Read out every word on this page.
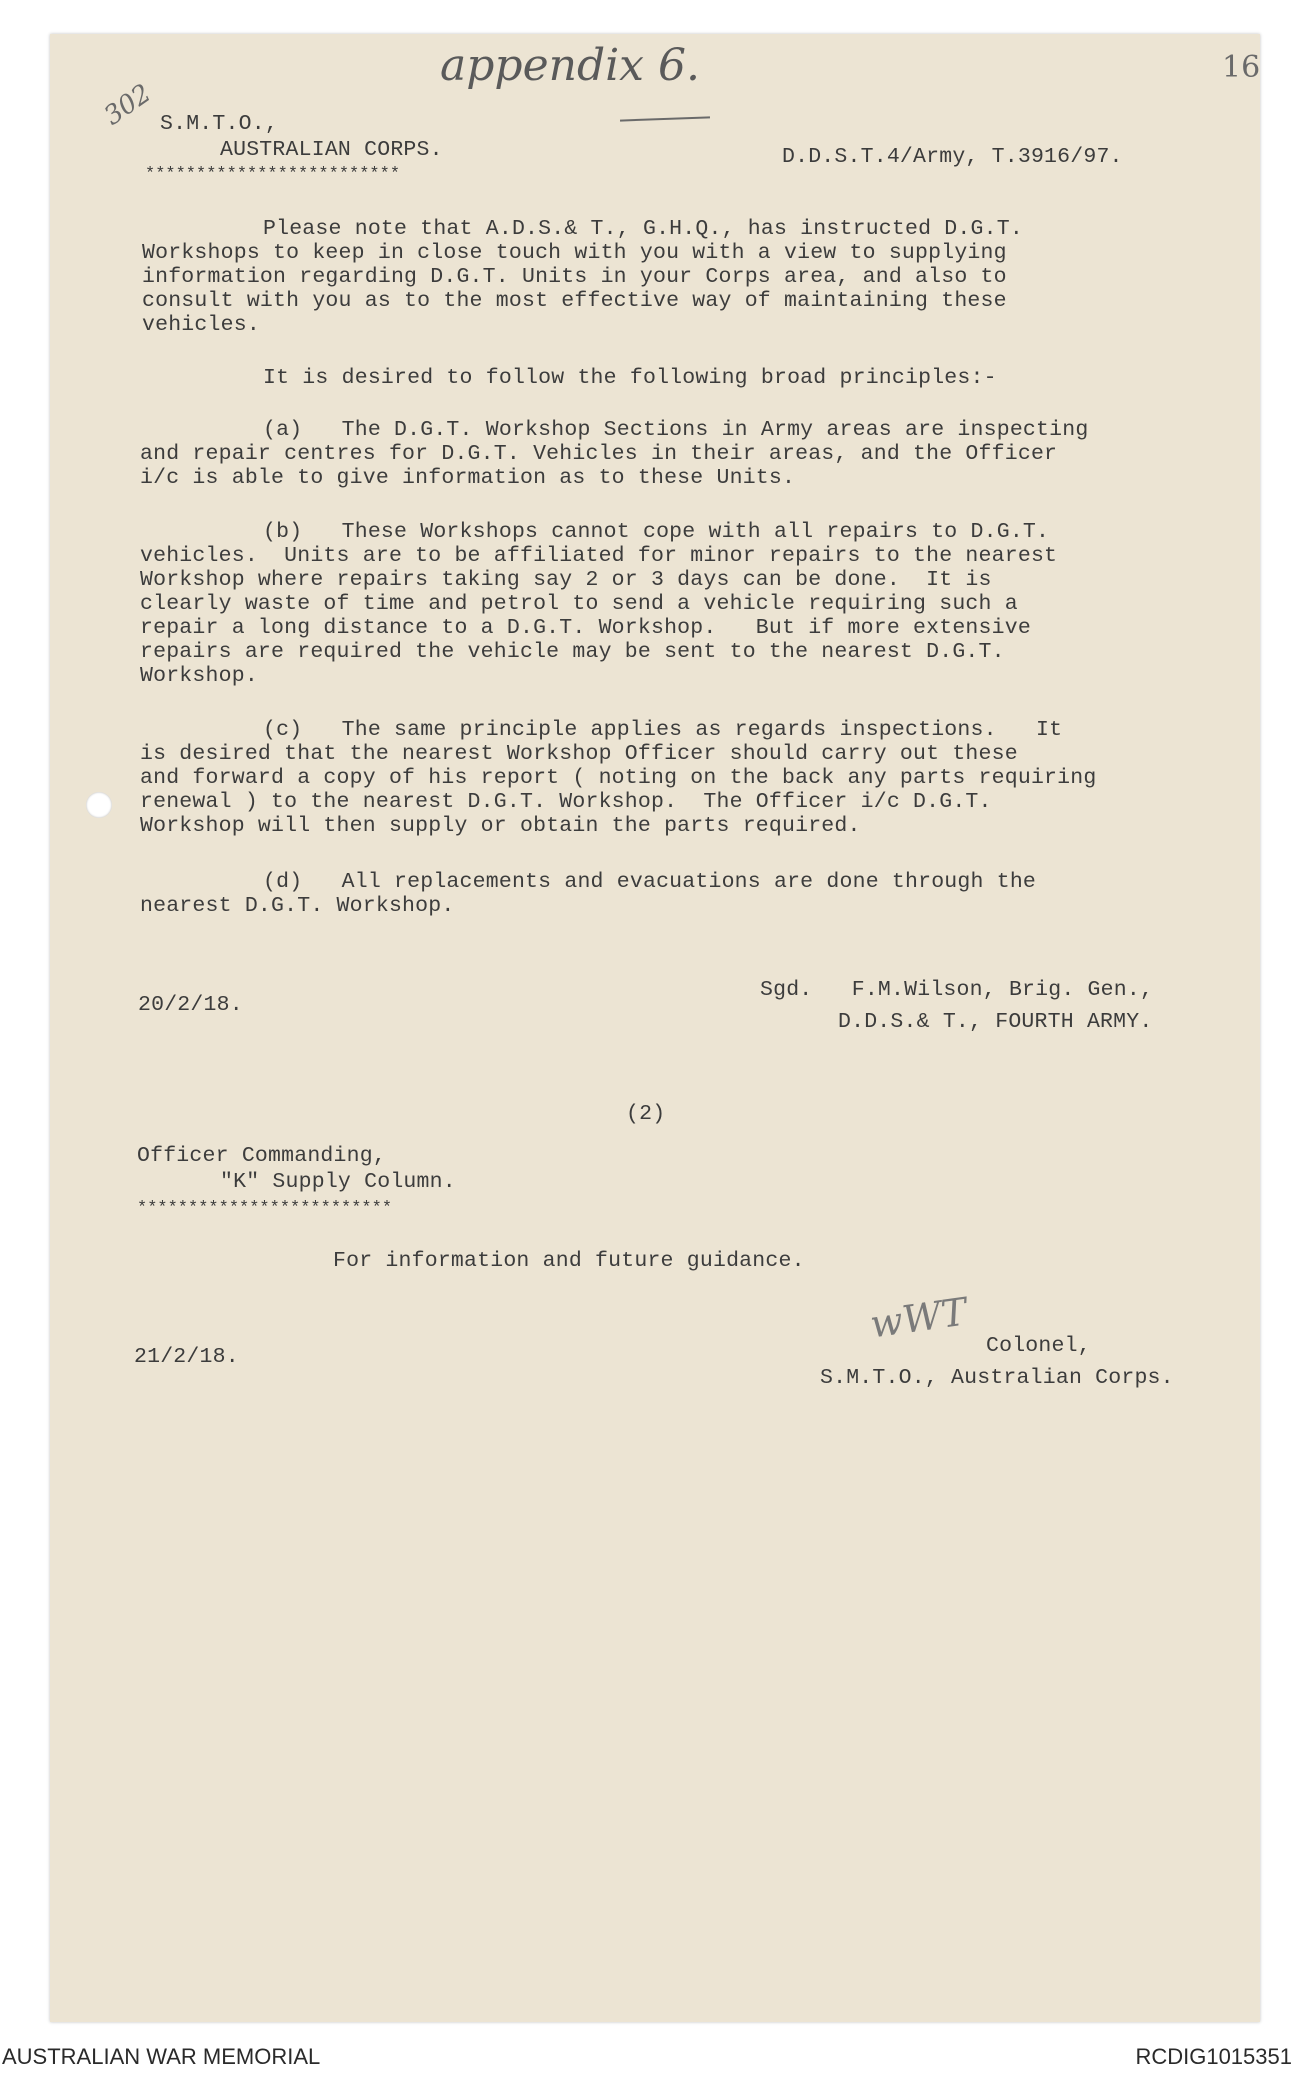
appendix 6.	16
302
wWT
S.M.T.O.,
AUSTRALIAN CORPS.
*************************
D.D.S.T.4/Army, T.3916/97.
Please note that A.D.S.& T., G.H.Q., has instructed D.G.T.
Workshops to keep in close touch with you with a view to supplying
information regarding D.G.T. Units in your Corps area, and also to
consult with you as to the most effective way of maintaining these
vehicles.
It is desired to follow the following broad principles:-
(a)   The D.G.T. Workshop Sections in Army areas are inspecting
and repair centres for D.G.T. Vehicles in their areas, and the Officer
i/c is able to give information as to these Units.
(b)   These Workshops cannot cope with all repairs to D.G.T.
vehicles.  Units are to be affiliated for minor repairs to the nearest
Workshop where repairs taking say 2 or 3 days can be done.  It is
clearly waste of time and petrol to send a vehicle requiring such a
repair a long distance to a D.G.T. Workshop.   But if more extensive
repairs are required the vehicle may be sent to the nearest D.G.T.
Workshop.
(c)   The same principle applies as regards inspections.   It
is desired that the nearest Workshop Officer should carry out these
and forward a copy of his report ( noting on the back any parts requiring
renewal ) to the nearest D.G.T. Workshop.  The Officer i/c D.G.T.
Workshop will then supply or obtain the parts required.
(d)   All replacements and evacuations are done through the
nearest D.G.T. Workshop.
20/2/18.
Sgd.   F.M.Wilson, Brig. Gen.,
D.D.S.& T., FOURTH ARMY.
(2)
Officer Commanding,
"K" Supply Column.
*************************
For information and future guidance.
21/2/18.	Colonel,
S.M.T.O., Australian Corps.
AUSTRALIAN WAR MEMORIAL	RCDIG1015351
